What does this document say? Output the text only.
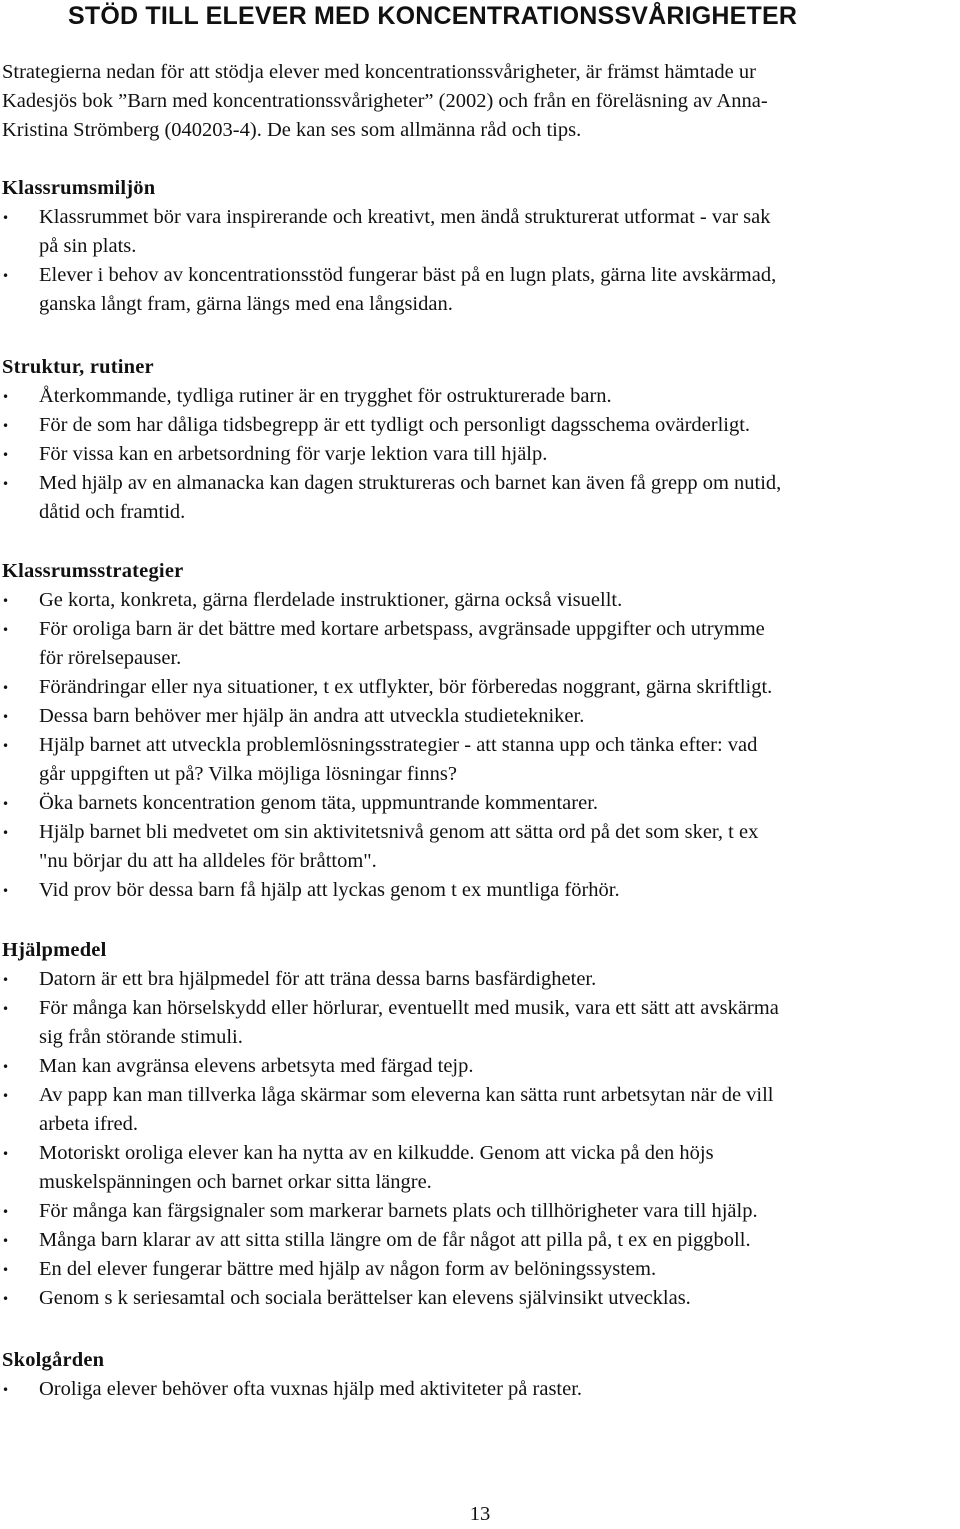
STÖD TILL ELEVER MED KONCENTRATIONSSVÅRIGHETER
Strategierna nedan för att stödja elever med koncentrationssvårigheter, är främst hämtade ur
Kadesjös bok ”Barn med koncentrationssvårigheter” (2002) och från en föreläsning av Anna-
Kristina Strömberg (040203-4). De kan ses som allmänna råd och tips.
Klassrumsmiljön
• Klassrummet bör vara inspirerande och kreativt, men ändå strukturerat utformat - var sak
på sin plats.
• Elever i behov av koncentrationsstöd fungerar bäst på en lugn plats, gärna lite avskärmad,
ganska långt fram, gärna längs med ena långsidan.
Struktur, rutiner
• Återkommande, tydliga rutiner är en trygghet för ostrukturerade barn.
• För de som har dåliga tidsbegrepp är ett tydligt och personligt dagsschema ovärderligt.
• För vissa kan en arbetsordning för varje lektion vara till hjälp.
• Med hjälp av en almanacka kan dagen struktureras och barnet kan även få grepp om nutid,
dåtid och framtid.
Klassrumsstrategier
• Ge korta, konkreta, gärna flerdelade instruktioner, gärna också visuellt.
• För oroliga barn är det bättre med kortare arbetspass, avgränsade uppgifter och utrymme
för rörelsepauser.
• Förändringar eller nya situationer, t ex utflykter, bör förberedas noggrant, gärna skriftligt.
• Dessa barn behöver mer hjälp än andra att utveckla studietekniker.
• Hjälp barnet att utveckla problemlösningsstrategier - att stanna upp och tänka efter: vad
går uppgiften ut på? Vilka möjliga lösningar finns?
• Öka barnets koncentration genom täta, uppmuntrande kommentarer.
• Hjälp barnet bli medvetet om sin aktivitetsnivå genom att sätta ord på det som sker, t ex
"nu börjar du att ha alldeles för bråttom".
• Vid prov bör dessa barn få hjälp att lyckas genom t ex muntliga förhör.
Hjälpmedel
• Datorn är ett bra hjälpmedel för att träna dessa barns basfärdigheter.
• För många kan hörselskydd eller hörlurar, eventuellt med musik, vara ett sätt att avskärma
sig från störande stimuli.
• Man kan avgränsa elevens arbetsyta med färgad tejp.
• Av papp kan man tillverka låga skärmar som eleverna kan sätta runt arbetsytan när de vill
arbeta ifred.
• Motoriskt oroliga elever kan ha nytta av en kilkudde. Genom att vicka på den höjs
muskelspänningen och barnet orkar sitta längre.
• För många kan färgsignaler som markerar barnets plats och tillhörigheter vara till hjälp.
• Många barn klarar av att sitta stilla längre om de får något att pilla på, t ex en piggboll.
• En del elever fungerar bättre med hjälp av någon form av belöningssystem.
• Genom s k seriesamtal och sociala berättelser kan elevens självinsikt utvecklas.
Skolgården
• Oroliga elever behöver ofta vuxnas hjälp med aktiviteter på raster.
13
